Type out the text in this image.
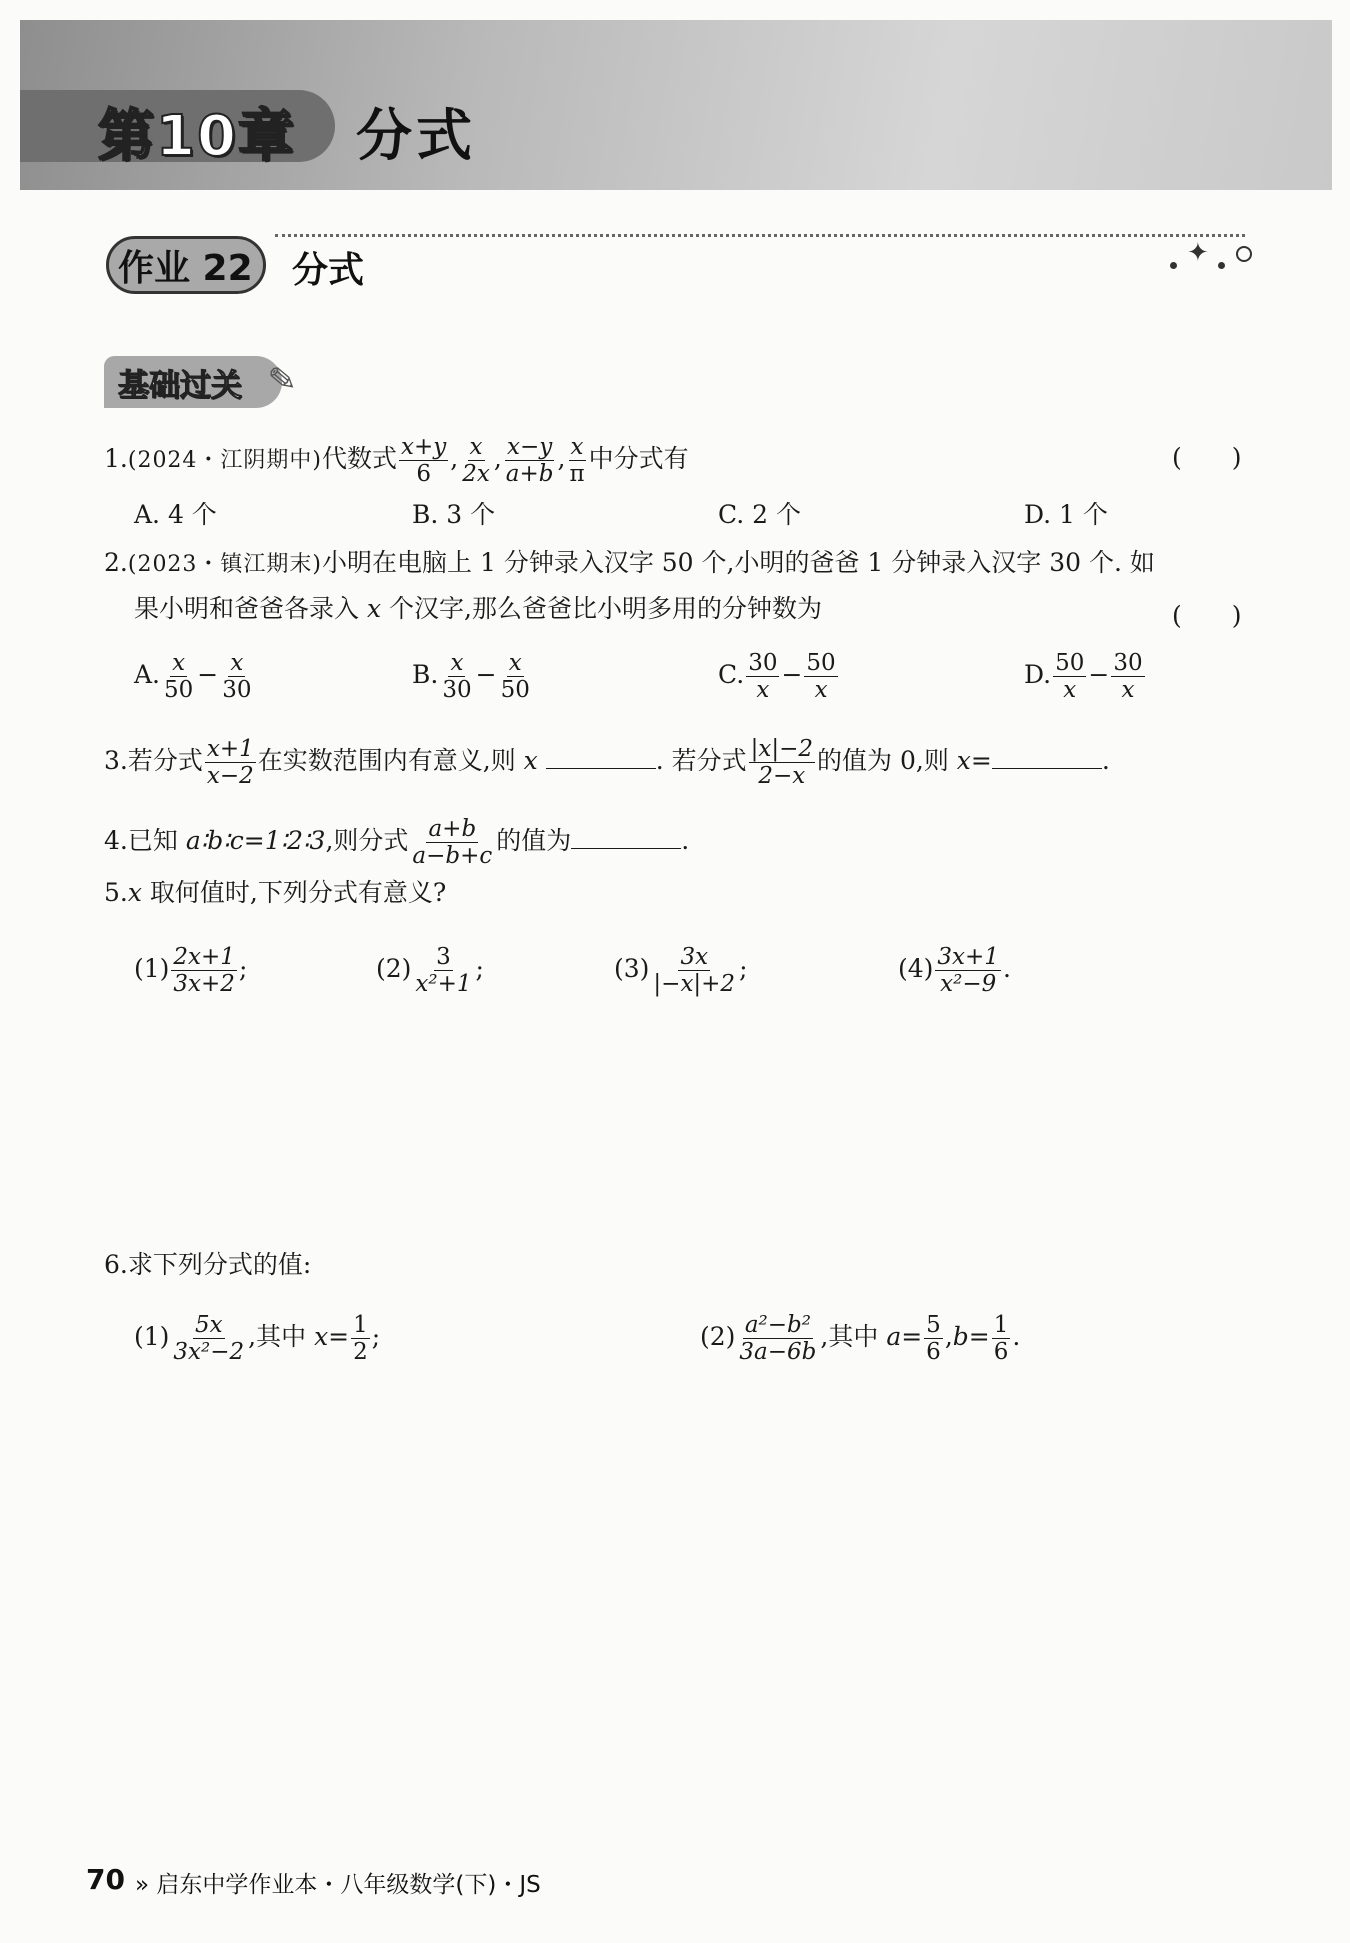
第10章 分式
作业 22 分式	✦
基础过关 ✎
1.(2024・江阴期中)代数式 $\frac{x+y}{6}$ , $\frac{x}{2x}$ , $\frac{x-y}{a+b}$ , $\frac{x}{\pi}$ 中分式有	(　　)
A. 4 个	B. 3 个	C. 2 个	D. 1 个
2.(2023・镇江期末)小明在电脑上 1 分钟录入汉字 50 个,小明的爸爸 1 分钟录入汉字 30 个. 如
果小明和爸爸各录入 x 个汉字,那么爸爸比小明多用的分钟数为	(　　)
A. $\frac{x}{50} - \frac{x}{30}$	B. $\frac{x}{30} - \frac{x}{50}$	C. $\frac{30}{x} - \frac{50}{x}$	D. $\frac{50}{x} - \frac{30}{x}$
3.若分式 $\frac{x+1}{x-2}$ 在实数范围内有意义,则 x	. 若分式 $\frac{|x|-2}{2-x}$ 的值为 0,则 x=	.
4.已知 a∶b∶c=1∶2∶3,则分式 $\frac{a+b}{a-b+c}$ 的值为	.
5.x 取何值时,下列分式有意义?
$(1) \frac{2x+1}{3x+2}$ ;	$(2) \frac{3}{\text{x²+1}}$ ;	$(3) \frac{3x}{|-x|+2}$ ;	$(4) \frac{3x+1}{\text{x²−9}}$ .
6.求下列分式的值:
$(1) \frac{5x}{\text{3x²−2}}$ ,其中 $x= \frac{1}{2}$ ;	$(2) \frac{\text{a²−b²}}{3a-6b}$ ,其中 $a= \frac{5}{6} ,b= \frac{1}{6}$ .
70 » 启东中学作业本・八年级数学(下)・JS
